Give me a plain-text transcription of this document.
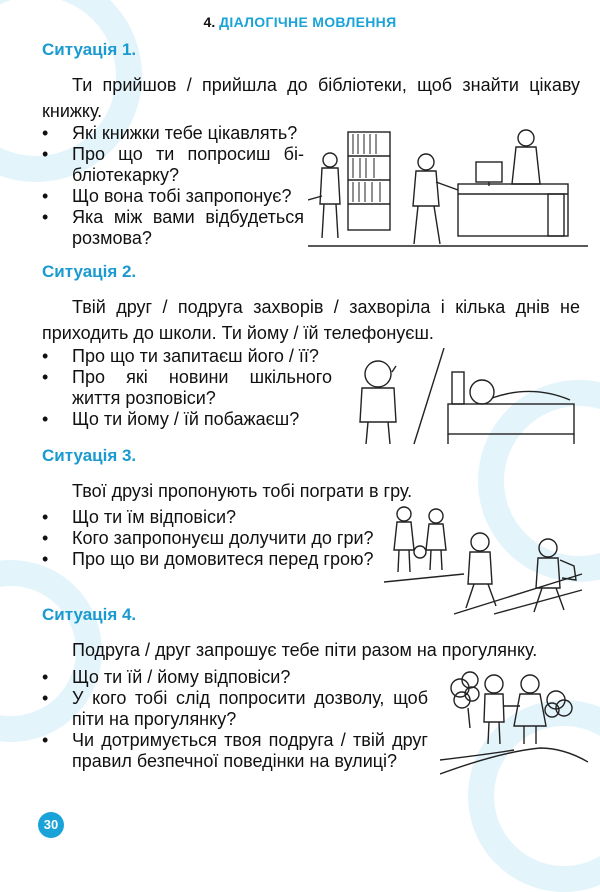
4. ДІАЛОГІЧНЕ МОВЛЕННЯ
Ситуація 1.
Ти прийшов / прийшла до бібліотеки, щоб знайти цікаву книжку.
• Які книжки тебе цікавлять?
• Про що ти попросиш бі-бліотекарку?
• Що вона тобі запропонує?
• Яка між вами відбудеться розмова?
Ситуація 2.
Твій друг / подруга захворів / захворіла і кілька днів не приходить до школи. Ти йому / їй телефонуєш.
• Про що ти запитаєш його / її?
• Про які новини шкільного життя розповіси?
• Що ти йому / їй побажаєш?
Ситуація 3.
Твої друзі пропонують тобі пограти в гру.
• Що ти їм відповіси?
• Кого запропонуєш долучити до гри?
• Про що ви домовитеся перед грою?
Ситуація 4.
Подруга / друг запрошує тебе піти разом на прогулянку.
• Що ти їй / йому відповіси?
• У кого тобі слід попросити дозволу, щоб піти на прогулянку?
• Чи дотримується твоя подруга / твій друг правил безпечної поведінки на вулиці?
30
